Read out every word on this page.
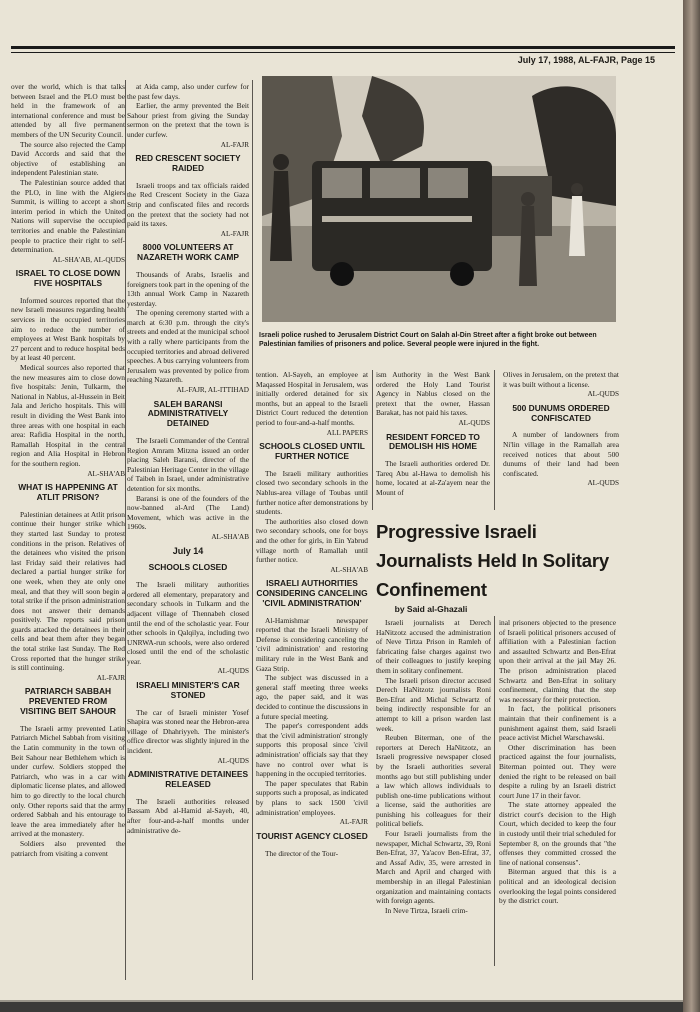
July 17, 1988, AL-FAJR, Page 15

over the world, which is that talks between Israel and the PLO must be held in the framework of an international conference and must be attended by all five permanent members of the UN Security Council.

The source also rejected the Camp David Accords and said that the objective of establishing an independent Palestinian state.

The Palestinian source added that the PLO, in line with the Algiers Summit, is willing to accept a short interim period in which the United Nations will supervise the occupied territories and enable the Palestinian people to practice their right to self-determination.

AL-SHA'AB, AL-QUDS
ISRAEL TO CLOSE DOWN FIVE HOSPITALS

Informed sources reported that the new Israeli measures regarding health services in the occupied territories aim to reduce the number of employees at West Bank hospitals by 27 percent and to reduce hospital beds by at least 40 percent.

Medical sources also reported that the new measures aim to close down five hospitals: Jenin, Tulkarm, the National in Nablus, al-Hussein in Beit Jala and Jericho hospitals. This will result in dividing the West Bank into three areas with one hospital in each area: Rafidia Hospital in the north, Ramallah Hospital in the central region and Alia Hospital in Hebron for the southern region.

AL-SHA'AB
WHAT IS HAPPENING AT ATLIT PRISON?

Palestinian detainees at Atlit prison continue their hunger strike which they started last Sunday to protest conditions in the prison. Relatives of the detainees who visited the prison last Friday said their relatives had declared a partial hunger strike for one week, when they ate only one meal, and that they will soon begin a total strike if the prison administration does not answer their demands positively. The reports said prison guards attacked the detainees in their cells and beat them after they began the total strike last Sunday. The Red Cross reported that the hunger strike is still continuing.

AL-FAJR
PATRIARCH SABBAH PREVENTED FROM VISITING BEIT SAHOUR

The Israeli army prevented Latin Patriarch Michel Sabbah from visiting the Latin community in the town of Beit Sahour near Bethlehem which is under curfew. Soldiers stopped the Patriarch, who was in a car with diplomatic license plates, and allowed him to go directly to the local church only. Other reports said that the army ordered Sabbah and his entourage to leave the area immediately after he arrived at the monastery.

Soldiers also prevented the patriarch from visiting a convent

at Aida camp, also under curfew for the past few days.

Earlier, the army prevented the Beit Sahour priest from giving the Sunday sermon on the pretext that the town is under curfew.

AL-FAJR
RED CRESCENT SOCIETY RAIDED

Israeli troops and tax officials raided the Red Crescent Society in the Gaza Strip and confiscated files and records on the pretext that the society had not paid its taxes.

AL-FAJR
8000 VOLUNTEERS AT NAZARETH WORK CAMP

Thousands of Arabs, Israelis and foreigners took part in the opening of the 13th annual Work Camp in Nazareth yesterday.

The opening ceremony started with a march at 6:30 p.m. through the city's streets and ended at the municipal school with a rally where participants from the occupied territories and abroad delivered speeches. A bus carrying volunteers from Jerusalem was prevented by police from reaching Nazareth.

AL-FAJR, AL-ITTIHAD
SALEH BARANSI ADMINISTRATIVELY DETAINED

The Israeli Commander of the Central Region Amram Mitzna issued an order placing Saleh Baransi, director of the Palestinian Heritage Center in the village of Taibeh in Israel, under administrative detention for six months.

Baransi is one of the founders of the now-banned al-Ard (The Land) Movement, which was active in the 1960s.

AL-SHA'AB
July 14
SCHOOLS CLOSED

The Israeli military authorities ordered all elementary, preparatory and secondary schools in Tulkarm and the adjacent village of Thennabeh closed until the end of the scholastic year. Four other schools in Qalqilya, including two UNRWA-run schools, were also ordered closed until the end of the scholastic year.

AL-QUDS
ISRAELI MINISTER'S CAR STONED

The car of Israeli minister Yosef Shapira was stoned near the Hebron-area village of Dhahriyyeh. The minister's office director was slightly injured in the incident.

AL-QUDS
ADMINISTRATIVE DETAINEES RELEASED

The Israeli authorities released Bassam Abd al-Hamid al-Sayeh, 40, after four-and-a-half months under administrative de-

Israeli police rushed to Jerusalem District Court on Salah al-Din Street after a fight broke out between Palestinian families of prisoners and police. Several people were injured in the fight.

tention. Al-Sayeh, an employee at Maqassed Hospital in Jerusalem, was initially ordered detained for six months, but an appeal to the Israeli District Court reduced the detention period to four-and-a-half months.

ALL PAPERS
SCHOOLS CLOSED UNTIL FURTHER NOTICE

The Israeli military authorities closed two secondary schools in the Nablus-area village of Toubas until further notice after demonstrations by students.

The authorities also closed down two secondary schools, one for boys and the other for girls, in Ein Yabrud village north of Ramallah until further notice.

AL-SHA'AB
ISRAELI AUTHORITIES CONSIDERING CANCELING 'CIVIL ADMINISTRATION'

Al-Hamishmar newspaper reported that the Israeli Ministry of Defense is considering canceling the 'civil administration' and restoring military rule in the West Bank and Gaza Strip.

The subject was discussed in a general staff meeting three weeks ago, the paper said, and it was decided to continue the discussions in a future special meeting.

The paper's correspondent adds that the 'civil administration' strongly supports this proposal since 'civil administration' officials say that they have no control over what is happening in the occupied territories.

The paper speculates that Rabin supports such a proposal, as indicated by plans to sack 1500 'civil administration' employees.

AL-FAJR
TOURIST AGENCY CLOSED

The director of the Tour-

ism Authority in the West Bank ordered the Holy Land Tourist Agency in Nablus closed on the pretext that the owner, Hassan Barakat, has not paid his taxes.

AL-QUDS
RESIDENT FORCED TO DEMOLISH HIS HOME

The Israeli authorities ordered Dr. Tareq Abu al-Hawa to demolish his home, located at al-Za'ayem near the Mount of

Olives in Jerusalem, on the pretext that it was built without a license.

AL-QUDS
500 DUNUMS ORDERED CONFISCATED

A number of landowners from Ni'lin village in the Ramallah area received notices that about 500 dunums of their land had been confiscated.

AL-QUDS
Progressive Israeli Journalists Held In Solitary Confinement
by Said al-Ghazali

Israeli journalists at Derech HaNitzotz accused the administration of Neve Tirtza Prison in Ramleh of fabricating false charges against two of their colleagues to justify keeping them in solitary confinement.

The Israeli prison director accused Derech HaNitzotz journalists Roni Ben-Efrat and Michal Schwartz of being indirectly responsible for an attempt to kill a prison warden last week.

Reuben Biterman, one of the reporters at Derech HaNitzotz, an Israeli progressive newspaper closed by the Israeli authorities several months ago but still publishing under a law which allows individuals to publish one-time publications without a license, said the authorities are punishing his colleagues for their political beliefs.

Four Israeli journalists from the newspaper, Michal Schwartz, 39, Roni Ben-Efrat, 37, Ya'acov Ben-Efrat, 37, and Assaf Adiv, 35, were arrested in March and April and charged with membership in an illegal Palestinian organization and maintaining contacts with foreign agents.

In Neve Tirtza, Israeli crim-

inal prisoners objected to the presence of Israeli political prisoners accused of affiliation with a Palestinian faction and assaulted Schwartz and Ben-Efrat upon their arrival at the jail May 26. The prison administration placed Schwartz and Ben-Efrat in solitary confinement, claiming that the step was necessary for their protection.

In fact, the political prisoners maintain that their confinement is a punishment against them, said Israeli peace activist Michel Warschawski.

Other discrimination has been practiced against the four journalists, Biterman pointed out. They were denied the right to be released on bail despite a ruling by an Israeli district court June 17 in their favor.

The state attorney appealed the district court's decision to the High Court, which decided to keep the four in custody until their trial scheduled for September 8, on the grounds that "the offenses they committed crossed the line of national consensus".

Biterman argued that this is a political and an ideological decision overlooking the legal points considered by the district court.
